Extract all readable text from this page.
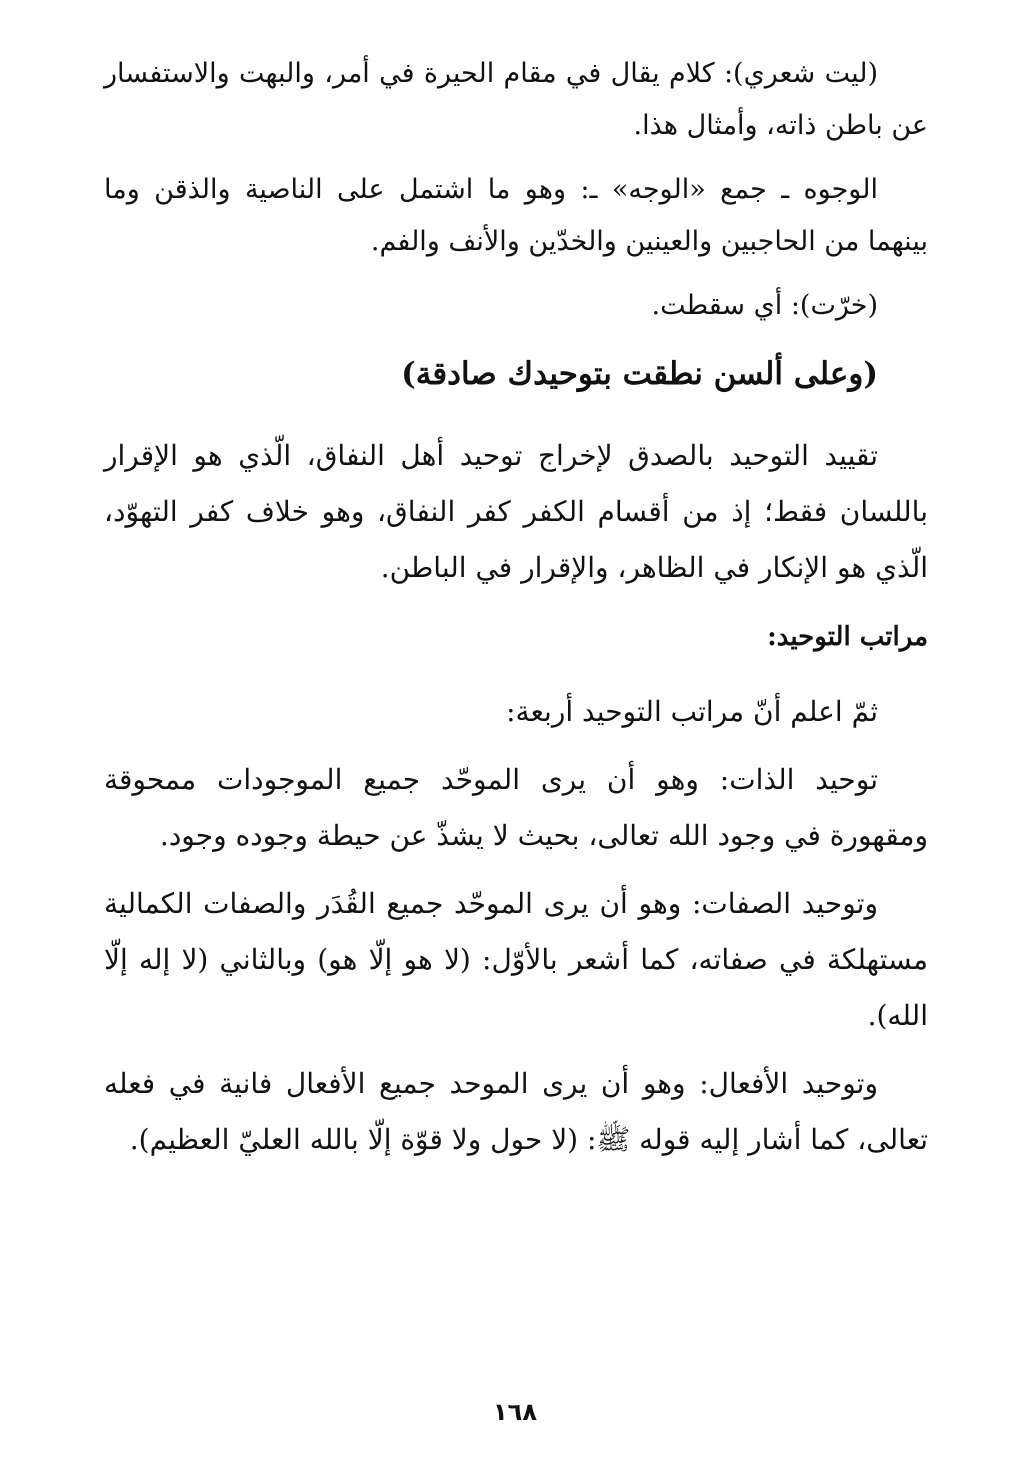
(ليت شعري): كلام يقال في مقام الحيرة في أمر، والبهت والاستفسار عن باطن ذاته، وأمثال هذا.

الوجوه ـ جمع «الوجه» ـ: وهو ما اشتمل على الناصية والذقن وما بينهما من الحاجبين والعينين والخدّين والأنف والفم.

(خرّت): أي سقطت.

(وعلى ألسن نطقت بتوحيدك صادقة)

تقييد التوحيد بالصدق لإخراج توحيد أهل النفاق، الّذي هو الإقرار باللسان فقط؛ إذ من أقسام الكفر كفر النفاق، وهو خلاف كفر التهوّد، الّذي هو الإنكار في الظاهر، والإقرار في الباطن.

مراتب التوحيد:

ثمّ اعلم أنّ مراتب التوحيد أربعة:

توحيد الذات: وهو أن يرى الموحّد جميع الموجودات ممحوقة ومقهورة في وجود الله تعالى، بحيث لا يشذّ عن حيطة وجوده وجود.

وتوحيد الصفات: وهو أن يرى الموحّد جميع القُدَر والصفات الكمالية مستهلكة في صفاته، كما أشعر بالأوّل: (لا هو إلّا هو) وبالثاني (لا إله إلّا الله).

وتوحيد الأفعال: وهو أن يرى الموحد جميع الأفعال فانية في فعله تعالى، كما أشار إليه قوله ﷺ: (لا حول ولا قوّة إلّا بالله العليّ العظيم).

١٦٨
